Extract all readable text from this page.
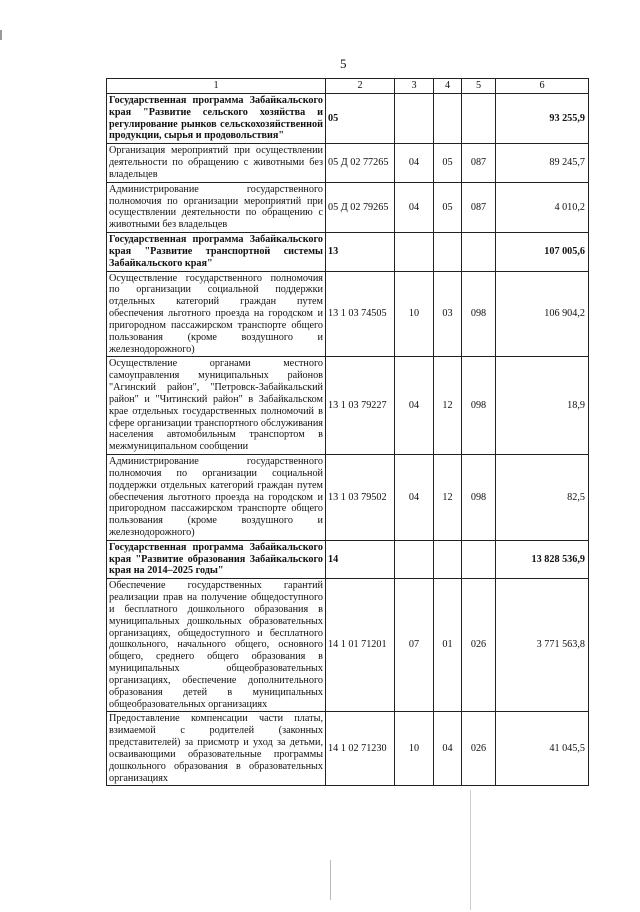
5
1	2	3	4	5	6
Государственная программа Забайкальского края "Развитие сельского хозяйства и регулирование рынков сельскохозяйственной продукции, сырья и продовольствия"	05				93 255,9
Организация мероприятий при осуществлении деятельности по обращению с животными без владельцев	05 Д 02 77265	04	05	087	89 245,7
Администрирование государственного полномочия по организации мероприятий при осуществлении деятельности по обращению с животными без владельцев	05 Д 02 79265	04	05	087	4 010,2
Государственная программа Забайкальского края "Развитие транспортной системы Забайкальского края"	13				107 005,6
Осуществление государственного полномочия по организации социальной поддержки отдельных категорий граждан путем обеспечения льготного проезда на городском и пригородном пассажирском транспорте общего пользования (кроме воздушного и железнодорожного)	13 1 03 74505	10	03	098	106 904,2
Осуществление органами местного самоуправления муниципальных районов "Агинский район", "Петровск-Забайкальский район" и "Читинский район" в Забайкальском крае отдельных государственных полномочий в сфере организации транспортного обслуживания населения автомобильным транспортом в межмуниципальном сообщении	13 1 03 79227	04	12	098	18,9
Администрирование государственного полномочия по организации социальной поддержки отдельных категорий граждан путем обеспечения льготного проезда на городском и пригородном пассажирском транспорте общего пользования (кроме воздушного и железнодорожного)	13 1 03 79502	04	12	098	82,5
Государственная программа Забайкальского края "Развитие образования Забайкальского края на 2014–2025 годы"	14				13 828 536,9
Обеспечение государственных гарантий реализации прав на получение общедоступного и бесплатного дошкольного образования в муниципальных дошкольных образовательных организациях, общедоступного и бесплатного дошкольного, начального общего, основного общего, среднего общего образования в муниципальных общеобразовательных организациях, обеспечение дополнительного образования детей в муниципальных общеобразовательных организациях	14 1 01 71201	07	01	026	3 771 563,8
Предоставление компенсации части платы, взимаемой с родителей (законных представителей) за присмотр и уход за детьми, осваивающими образовательные программы дошкольного образования в образовательных организациях	14 1 02 71230	10	04	026	41 045,5
